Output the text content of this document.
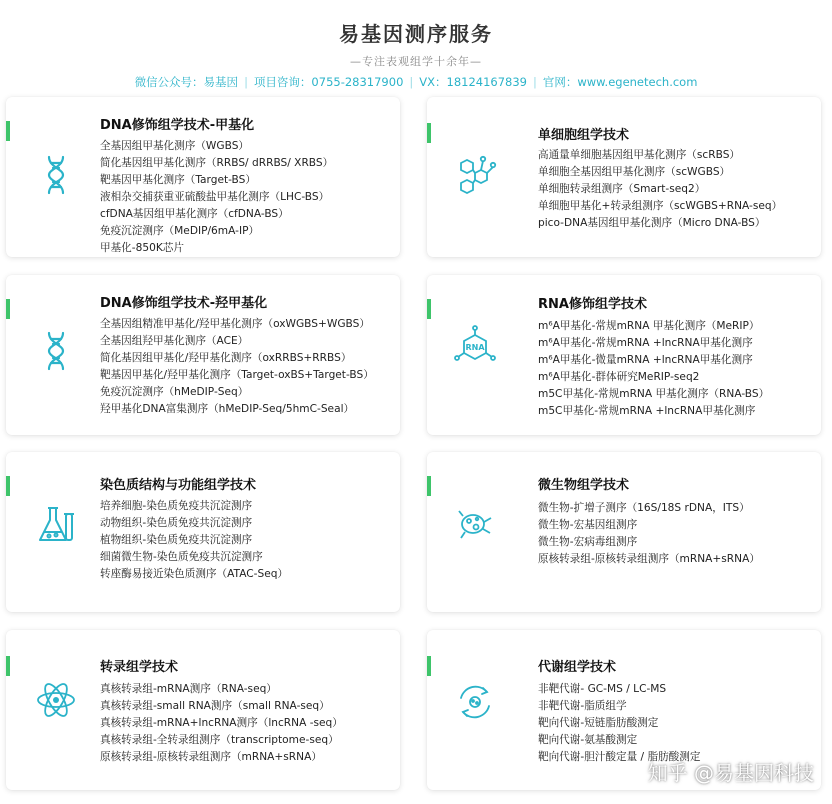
易基因测序服务
—专注表观组学十余年—
微信公众号：易基因 | 项目咨询：0755-28317900 | VX：18124167839 | 官网：www.egenetech.com
DNA修饰组学技术-甲基化
全基因组甲基化测序（WGBS）
简化基因组甲基化测序（RRBS/ dRRBS/ XRBS）
靶基因甲基化测序（Target-BS）
液相杂交捕获重亚硫酸盐甲基化测序（LHC-BS）
cfDNA基因组甲基化测序（cfDNA-BS）
免疫沉淀测序（MeDIP/6mA-IP）
甲基化-850K芯片
单细胞组学技术
高通量单细胞基因组甲基化测序（scRBS）
单细胞全基因组甲基化测序（scWGBS）
单细胞转录组测序（Smart-seq2）
单细胞甲基化+转录组测序（scWGBS+RNA-seq）
pico-DNA基因组甲基化测序（Micro DNA-BS）
DNA修饰组学技术-羟甲基化
全基因组精准甲基化/羟甲基化测序（oxWGBS+WGBS）
全基因组羟甲基化测序（ACE）
简化基因组甲基化/羟甲基化测序（oxRRBS+RRBS）
靶基因甲基化/羟甲基化测序（Target-oxBS+Target-BS）
免疫沉淀测序（hMeDIP-Seq）
羟甲基化DNA富集测序（hMeDIP-Seq/5hmC-Seal）
RNA
RNA修饰组学技术
m⁶A甲基化-常规mRNA 甲基化测序（MeRIP）
m⁶A甲基化-常规mRNA +lncRNA甲基化测序
m⁶A甲基化-微量mRNA +lncRNA甲基化测序
m⁶A甲基化-群体研究MeRIP-seq2
m5C甲基化-常规mRNA 甲基化测序（RNA-BS）
m5C甲基化-常规mRNA +lncRNA甲基化测序
染色质结构与功能组学技术
培养细胞-染色质免疫共沉淀测序
动物组织-染色质免疫共沉淀测序
植物组织-染色质免疫共沉淀测序
细菌微生物-染色质免疫共沉淀测序
转座酶易接近染色质测序（ATAC-Seq）
微生物组学技术
微生物-扩增子测序（16S/18S rDNA，ITS）
微生物-宏基因组测序
微生物-宏病毒组测序
原核转录组-原核转录组测序（mRNA+sRNA）
转录组学技术
真核转录组-mRNA测序（RNA-seq）
真核转录组-small RNA测序（small RNA-seq）
真核转录组-mRNA+lncRNA测序（lncRNA -seq）
真核转录组-全转录组测序（transcriptome-seq）
原核转录组-原核转录组测序（mRNA+sRNA）
代谢组学技术
非靶代谢- GC-MS / LC-MS
非靶代谢-脂质组学
靶向代谢-短链脂肪酸测定
靶向代谢-氨基酸测定
靶向代谢-胆汁酸定量 / 脂肪酸测定
知乎 @易基因科技
